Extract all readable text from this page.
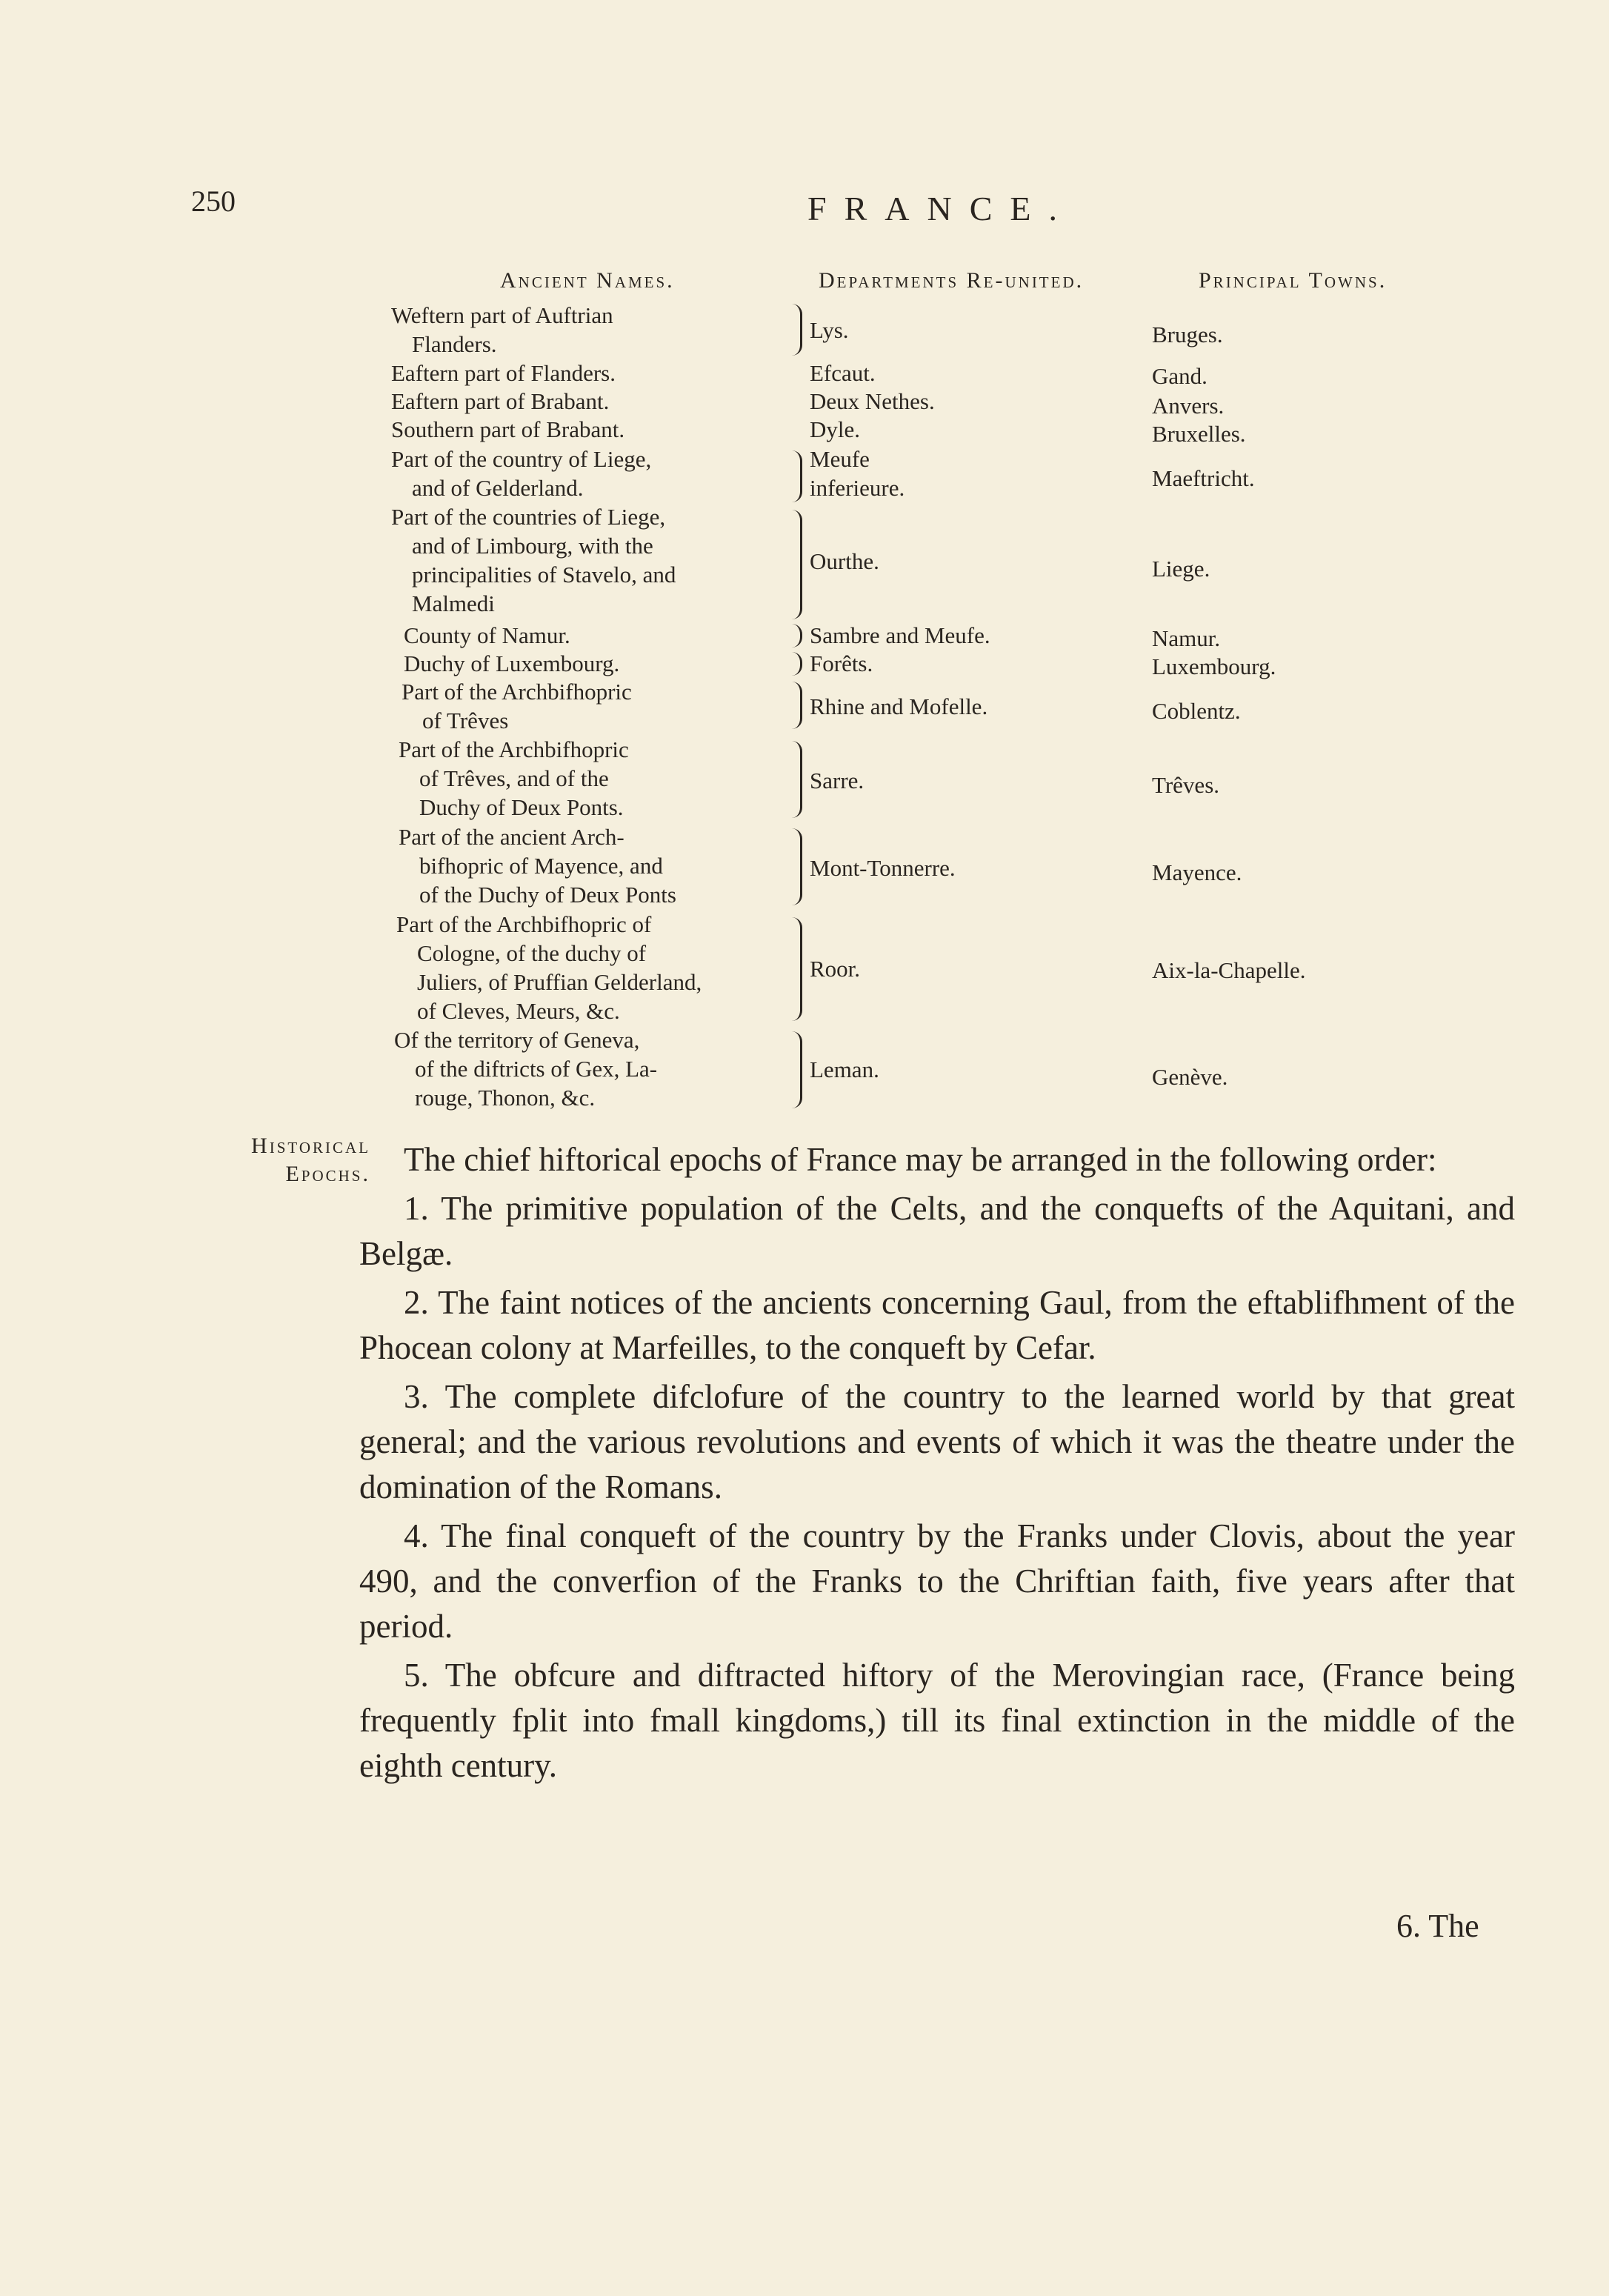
250	FRANCE.
Ancient Names.	Departments Re-united.	Principal Towns.
Weftern part of Auftrian
Flanders.
Lys.	Bruges.
Eaftern part of Flanders.	Efcaut.	Gand.
Eaftern part of Brabant.	Deux Nethes.	Anvers.
Southern part of Brabant.	Dyle.	Bruxelles.
Part of the country of Liege,
and of Gelderland.
Meufe inferieure.	Maeftricht.
Part of the countries of Liege,
and of Limbourg, with the
principalities of Stavelo, and
Malmedi
Ourthe.	Liege.
County of Namur.	Sambre and Meufe.	Namur.
Duchy of Luxembourg.	Forêts.	Luxembourg.
Part of the Archbifhopric
of Trêves
Rhine and Mofelle.	Coblentz.
Part of the Archbifhopric
of Trêves, and of the
Duchy of Deux Ponts.
Sarre.	Trêves.
Part of the ancient Arch-
bifhopric of Mayence, and
of the Duchy of Deux Ponts
Mont-Tonnerre.	Mayence.
Part of the Archbifhopric of
Cologne, of the duchy of
Juliers, of Pruffian Gelderland,
of Cleves, Meurs, &c.
Roor.	Aix-la-Chapelle.
Of the territory of Geneva,
of the diftricts of Gex, La-
rouge, Thonon, &c.
Leman.	Genève.
Historical
Epochs.	The chief hiftorical epochs of France may be arranged in the following order:

1. The primitive population of the Celts, and the conquefts of the Aquitani, and Belgæ.

2. The faint notices of the ancients concerning Gaul, from the eftablifhment of the Phocean colony at Marfeilles, to the conqueft by Cefar.

3. The complete difclofure of the country to the learned world by that great general; and the various revolutions and events of which it was the theatre under the domination of the Romans.

4. The final conqueft of the country by the Franks under Clovis, about the year 490, and the converfion of the Franks to the Chriftian faith, five years after that period.

5. The obfcure and diftracted hiftory of the Merovingian race, (France being frequently fplit into fmall kingdoms,) till its final extinction in the middle of the eighth century.

6. The
